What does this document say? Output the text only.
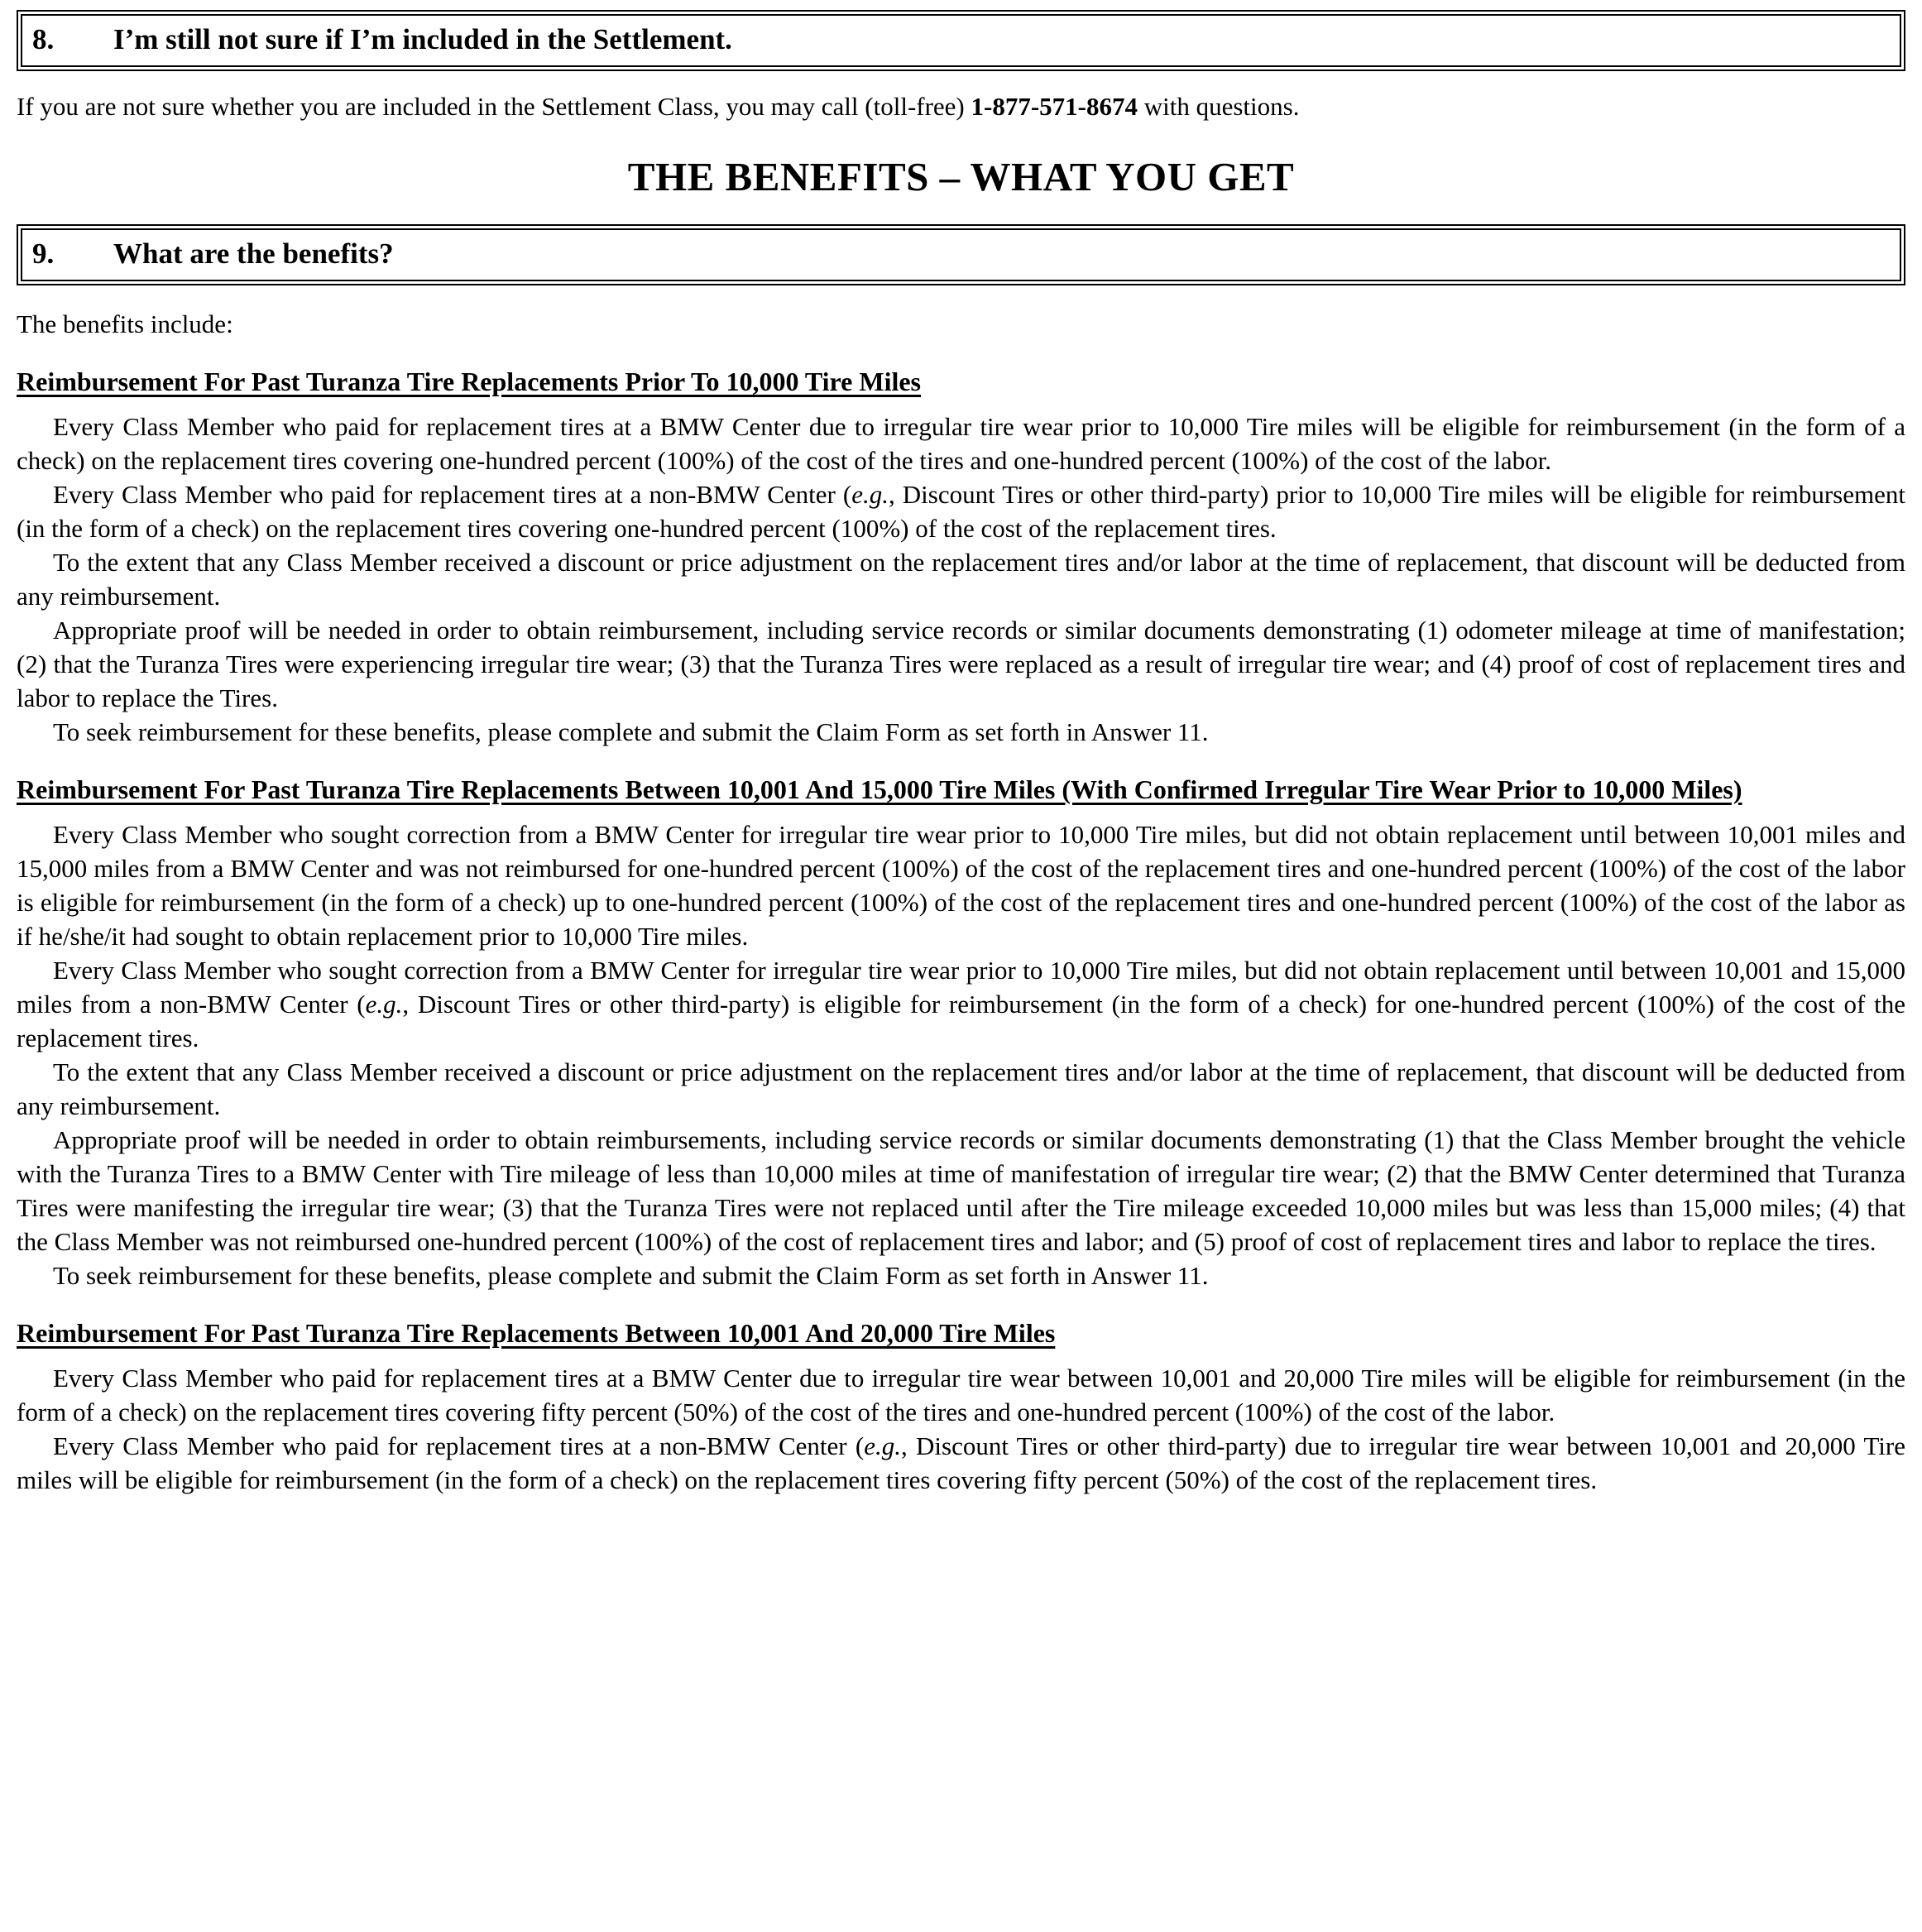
8.	I’m still not sure if I’m included in the Settlement.

If you are not sure whether you are included in the Settlement Class, you may call (toll-free) 1-877-571-8674 with questions.

THE BENEFITS – WHAT YOU GET
9.	What are the benefits?

The benefits include:

Reimbursement For Past Turanza Tire Replacements Prior To 10,000 Tire Miles

Every Class Member who paid for replacement tires at a BMW Center due to irregular tire wear prior to 10,000 Tire miles will be eligible for reimbursement (in the form of a check) on the replacement tires covering one-hundred percent (100%) of the cost of the tires and one-hundred percent (100%) of the cost of the labor.

Every Class Member who paid for replacement tires at a non-BMW Center (e.g., Discount Tires or other third-party) prior to 10,000 Tire miles will be eligible for reimbursement (in the form of a check) on the replacement tires covering one-hundred percent (100%) of the cost of the replacement tires.

To the extent that any Class Member received a discount or price adjustment on the replacement tires and/or labor at the time of replacement, that discount will be deducted from any reimbursement.

Appropriate proof will be needed in order to obtain reimbursement, including service records or similar documents demonstrating (1) odometer mileage at time of manifestation; (2) that the Turanza Tires were experiencing irregular tire wear; (3) that the Turanza Tires were replaced as a result of irregular tire wear; and (4) proof of cost of replacement tires and labor to replace the Tires.

To seek reimbursement for these benefits, please complete and submit the Claim Form as set forth in Answer 11.

Reimbursement For Past Turanza Tire Replacements Between 10,001 And 15,000 Tire Miles (With Confirmed Irregular Tire Wear Prior to 10,000 Miles)

Every Class Member who sought correction from a BMW Center for irregular tire wear prior to 10,000 Tire miles, but did not obtain replacement until between 10,001 miles and 15,000 miles from a BMW Center and was not reimbursed for one-hundred percent (100%) of the cost of the replacement tires and one-hundred percent (100%) of the cost of the labor is eligible for reimbursement (in the form of a check) up to one-hundred percent (100%) of the cost of the replacement tires and one-hundred percent (100%) of the cost of the labor as if he/she/it had sought to obtain replacement prior to 10,000 Tire miles.

Every Class Member who sought correction from a BMW Center for irregular tire wear prior to 10,000 Tire miles, but did not obtain replacement until between 10,001 and 15,000 miles from a non-BMW Center (e.g., Discount Tires or other third-party) is eligible for reimbursement (in the form of a check) for one-hundred percent (100%) of the cost of the replacement tires.

To the extent that any Class Member received a discount or price adjustment on the replacement tires and/or labor at the time of replacement, that discount will be deducted from any reimbursement.

Appropriate proof will be needed in order to obtain reimbursements, including service records or similar documents demonstrating (1) that the Class Member brought the vehicle with the Turanza Tires to a BMW Center with Tire mileage of less than 10,000 miles at time of manifestation of irregular tire wear; (2) that the BMW Center determined that Turanza Tires were manifesting the irregular tire wear; (3) that the Turanza Tires were not replaced until after the Tire mileage exceeded 10,000 miles but was less than 15,000 miles; (4) that the Class Member was not reimbursed one-hundred percent (100%) of the cost of replacement tires and labor; and (5) proof of cost of replacement tires and labor to replace the tires.

To seek reimbursement for these benefits, please complete and submit the Claim Form as set forth in Answer 11.

Reimbursement For Past Turanza Tire Replacements Between 10,001 And 20,000 Tire Miles

Every Class Member who paid for replacement tires at a BMW Center due to irregular tire wear between 10,001 and 20,000 Tire miles will be eligible for reimbursement (in the form of a check) on the replacement tires covering fifty percent (50%) of the cost of the tires and one-hundred percent (100%) of the cost of the labor.

Every Class Member who paid for replacement tires at a non-BMW Center (e.g., Discount Tires or other third-party) due to irregular tire wear between 10,001 and 20,000 Tire miles will be eligible for reimbursement (in the form of a check) on the replacement tires covering fifty percent (50%) of the cost of the replacement tires.
